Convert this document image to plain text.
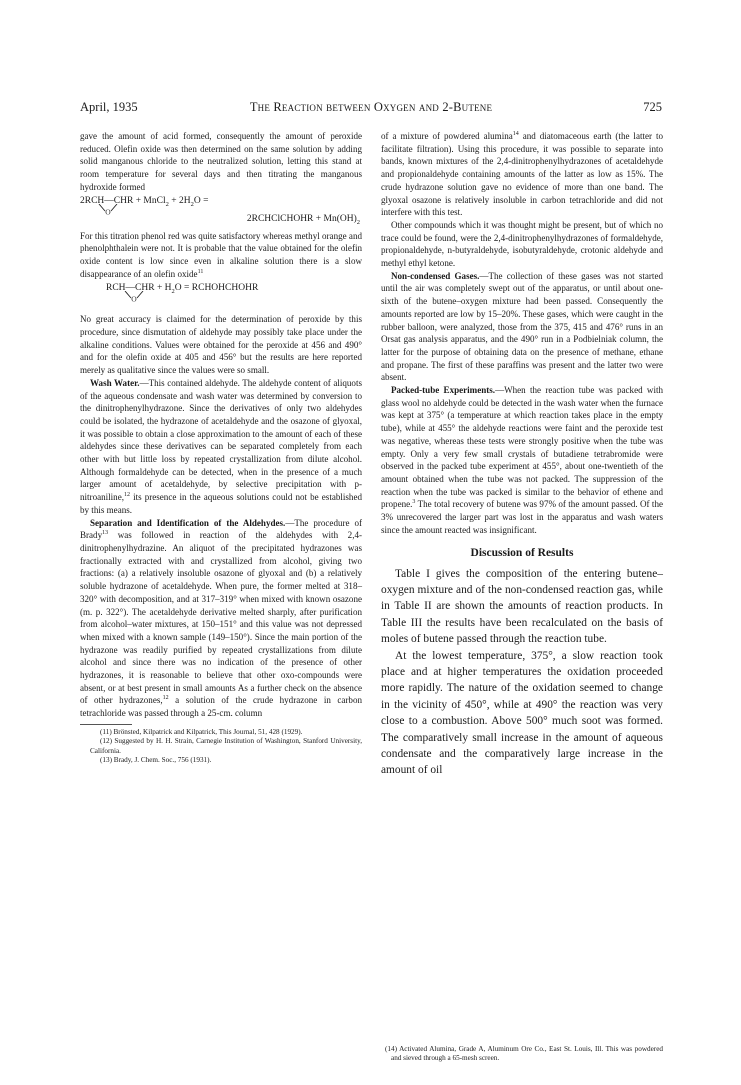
April, 1935	The Reaction between Oxygen and 2-Butene	725

gave the amount of acid formed, consequently the amount of peroxide reduced. Olefin oxide was then determined on the same solution by adding solid manganous chloride to the neutralized solution, letting this stand at room temperature for several days and then titrating the manganous hydroxide formed

2RCH—CHR + MnCl$_2$ + $2H_2O$ =
O
2RCHClCHOHR + $Mn(OH)_2$

For this titration phenol red was quite satisfactory whereas methyl orange and phenolphthalein were not. It is probable that the value obtained for the olefin oxide content is low since even in alkaline solution there is a slow disappearance of an olefin oxide$^{11}$

RCH—CHR + $H_2O$ = RCHOHCHOHR
O

No great accuracy is claimed for the determination of peroxide by this procedure, since dismutation of aldehyde may possibly take place under the alkaline conditions. Values were obtained for the peroxide at 456 and 490° and for the olefin oxide at 405 and 456° but the results are here reported merely as qualitative since the values were so small.

Wash Water.—This contained aldehyde. The aldehyde content of aliquots of the aqueous condensate and wash water was determined by conversion to the dinitrophenylhydrazone. Since the derivatives of only two aldehydes could be isolated, the hydrazone of acetaldehyde and the osazone of glyoxal, it was possible to obtain a close approximation to the amount of each of these aldehydes since these derivatives can be separated completely from each other with but little loss by repeated crystallization from dilute alcohol. Although formaldehyde can be detected, when in the presence of a much larger amount of acetaldehyde, by selective precipitation with p-nitroaniline,$^{12}$ its presence in the aqueous solutions could not be established by this means.

Separation and Identification of the Aldehydes.—The procedure of Brady$^{13}$ was followed in reaction of the aldehydes with 2,4-dinitrophenylhydrazine. An aliquot of the precipitated hydrazones was fractionally extracted with and crystallized from alcohol, giving two fractions: (a) a relatively insoluble osazone of glyoxal and (b) a relatively soluble hydrazone of acetaldehyde. When pure, the former melted at 318–320° with decomposition, and at 317–319° when mixed with known osazone (m. p. 322°). The acetaldehyde derivative melted sharply, after purification from alcohol–water mixtures, at 150–151° and this value was not depressed when mixed with a known sample (149–150°). Since the main portion of the hydrazone was readily purified by repeated crystallizations from dilute alcohol and since there was no indication of the presence of other hydrazones, it is reasonable to believe that other oxo-compounds were absent, or at best present in small amounts As a further check on the absence of other hydrazones,$^{12}$ a solution of the crude hydrazone in carbon tetrachloride was passed through a 25-cm. column

(11) Brönsted, Kilpatrick and Kilpatrick, This Journal, 51, 428 (1929).

(12) Suggested by H. H. Strain, Carnegie Institution of Washington, Stanford University, California.

(13) Brady, J. Chem. Soc., 756 (1931).

of a mixture of powdered alumina$^{14}$ and diatomaceous earth (the latter to facilitate filtration). Using this procedure, it was possible to separate into bands, known mixtures of the 2,4-dinitrophenylhydrazones of acetaldehyde and propionaldehyde containing amounts of the latter as low as 15%. The crude hydrazone solution gave no evidence of more than one band. The glyoxal osazone is relatively insoluble in carbon tetrachloride and did not interfere with this test.

Other compounds which it was thought might be present, but of which no trace could be found, were the 2,4-dinitrophenylhydrazones of formaldehyde, propionaldehyde, n-butyraldehyde, isobutyraldehyde, crotonic aldehyde and methyl ethyl ketone.

Non-condensed Gases.—The collection of these gases was not started until the air was completely swept out of the apparatus, or until about one-sixth of the butene–oxygen mixture had been passed. Consequently the amounts reported are low by 15–20%. These gases, which were caught in the rubber balloon, were analyzed, those from the 375, 415 and 476° runs in an Orsat gas analysis apparatus, and the 490° run in a Podbielniak column, the latter for the purpose of obtaining data on the presence of methane, ethane and propane. The first of these paraffins was present and the latter two were absent.

Packed-tube Experiments.—When the reaction tube was packed with glass wool no aldehyde could be detected in the wash water when the furnace was kept at 375° (a temperature at which reaction takes place in the empty tube), while at 455° the aldehyde reactions were faint and the peroxide test was negative, whereas these tests were strongly positive when the tube was empty. Only a very few small crystals of butadiene tetrabromide were observed in the packed tube experiment at 455°, about one-twentieth of the amount obtained when the tube was not packed. The suppression of the reaction when the tube was packed is similar to the behavior of ethene and propene.$^3$ The total recovery of butene was 97% of the amount passed. Of the 3% unrecovered the larger part was lost in the apparatus and wash waters since the amount reacted was insignificant.

Discussion of Results

Table I gives the composition of the entering butene–oxygen mixture and of the non-condensed reaction gas, while in Table II are shown the amounts of reaction products. In Table III the results have been recalculated on the basis of moles of butene passed through the reaction tube.

At the lowest temperature, 375°, a slow reaction took place and at higher temperatures the oxidation proceeded more rapidly. The nature of the oxidation seemed to change in the vicinity of 450°, while at 490° the reaction was very close to a combustion. Above 500° much soot was formed. The comparatively small increase in the amount of aqueous condensate and the comparatively large increase in the amount of oil

(14) Activated Alumina, Grade A, Aluminum Ore Co., East St. Louis, Ill. This was powdered and sieved through a 65-mesh screen.
